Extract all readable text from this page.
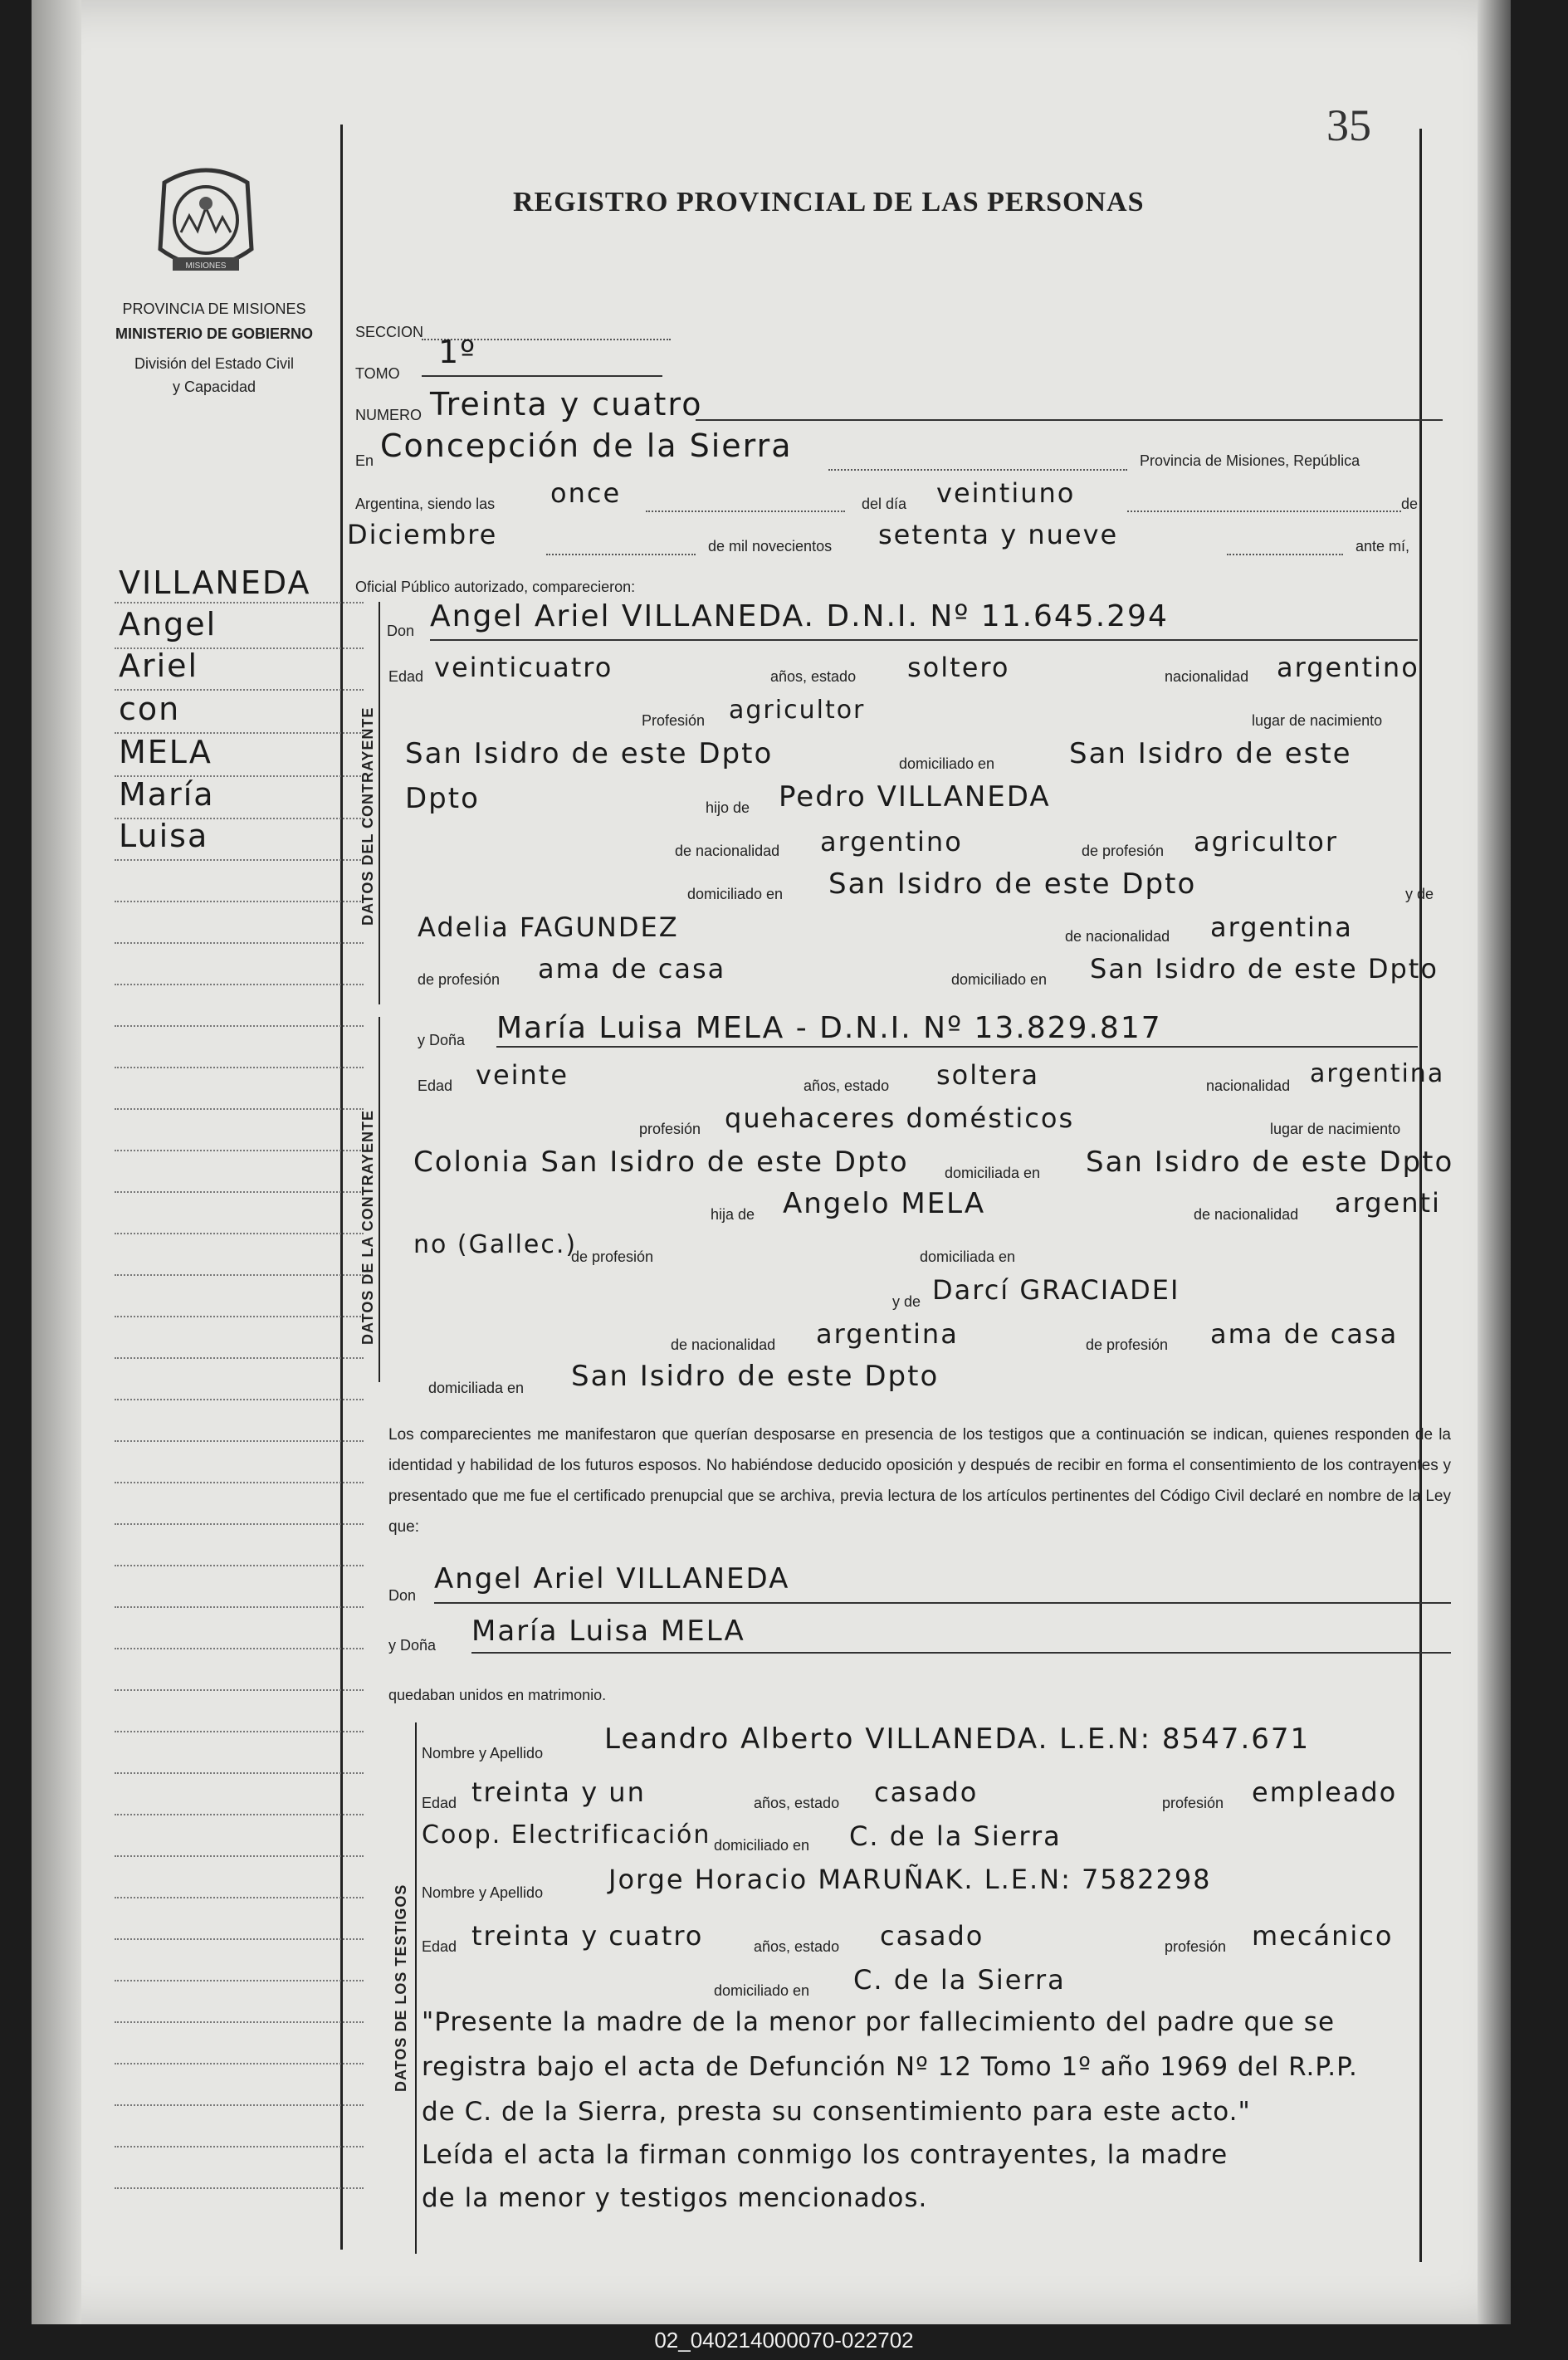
35
MISIONES
PROVINCIA DE MISIONES
MINISTERIO DE GOBIERNO
División del Estado Civil
y Capacidad
REGISTRO PROVINCIAL DE LAS PERSONAS
VILLANEDA
Angel
Ariel
con
MELA
María
Luisa
SECCION
TOMO
1º
NUMERO Treinta y cuatro
En Concepción de la Sierra	Provincia de Misiones, República
Argentina, siendo las once	del día veintiuno	de
Diciembre	de mil novecientos setenta y nueve	ante mí,
Oficial Público autorizado, comparecieron:
DATOS DEL CONTRAYENTE
Don Angel Ariel VILLANEDA. D.N.I. Nº 11.645.294
Edad veinticuatro	años, estado soltero	nacionalidad argentino
Profesión agricultor	lugar de nacimiento
San Isidro de este Dpto	domiciliado en	San Isidro de este
Dpto	hijo de Pedro VILLANEDA
de nacionalidad argentino	de profesión agricultor
domiciliado en San Isidro de este Dpto	y de
Adelia FAGUNDEZ	de nacionalidad argentina
de profesión ama de casa	domiciliado en San Isidro de este Dpto
DATOS DE LA CONTRAYENTE
y Doña María Luisa MELA - D.N.I. Nº 13.829.817
Edad veinte	años, estado soltera	nacionalidad argentina
profesión quehaceres domésticos	lugar de nacimiento
Colonia San Isidro de este Dpto domiciliada en San Isidro de este Dpto
hija de Angelo MELA	de nacionalidad argenti
no (Gallec.)
de profesión	domiciliada en
y de Darcí GRACIADEI
de nacionalidad argentina	de profesión ama de casa
domiciliada en San Isidro de este Dpto
Los comparecientes me manifestaron que querían desposarse en presencia de los testigos que a continuación se indican, quienes responden de la identidad y habilidad de los futuros esposos. No habiéndose deducido oposición y después de recibir en forma el consentimiento de los contrayentes y presentado que me fue el certificado prenupcial que se archiva, previa lectura de los artículos pertinentes del Código Civil declaré en nombre de la Ley que:
Don Angel Ariel VILLANEDA
y Doña María Luisa MELA
quedaban unidos en matrimonio.
DATOS DE LOS TESTIGOS
Nombre y Apellido Leandro Alberto VILLANEDA. L.E.N: 8547.671
Edad treinta y un	años, estado casado	profesión empleado
Coop. Electrificación domiciliado en C. de la Sierra
Nombre y Apellido Jorge Horacio MARUÑAK. L.E.N: 7582298
Edad treinta y cuatro	años, estado casado	profesión mecánico
domiciliado en C. de la Sierra
"Presente la madre de la menor por fallecimiento del padre que se
registra bajo el acta de Defunción Nº 12 Tomo 1º año 1969 del R.P.P.
de C. de la Sierra, presta su consentimiento para este acto."
Leída el acta la firman conmigo los contrayentes, la madre
de la menor y testigos mencionados.
02_040214000070-022702
